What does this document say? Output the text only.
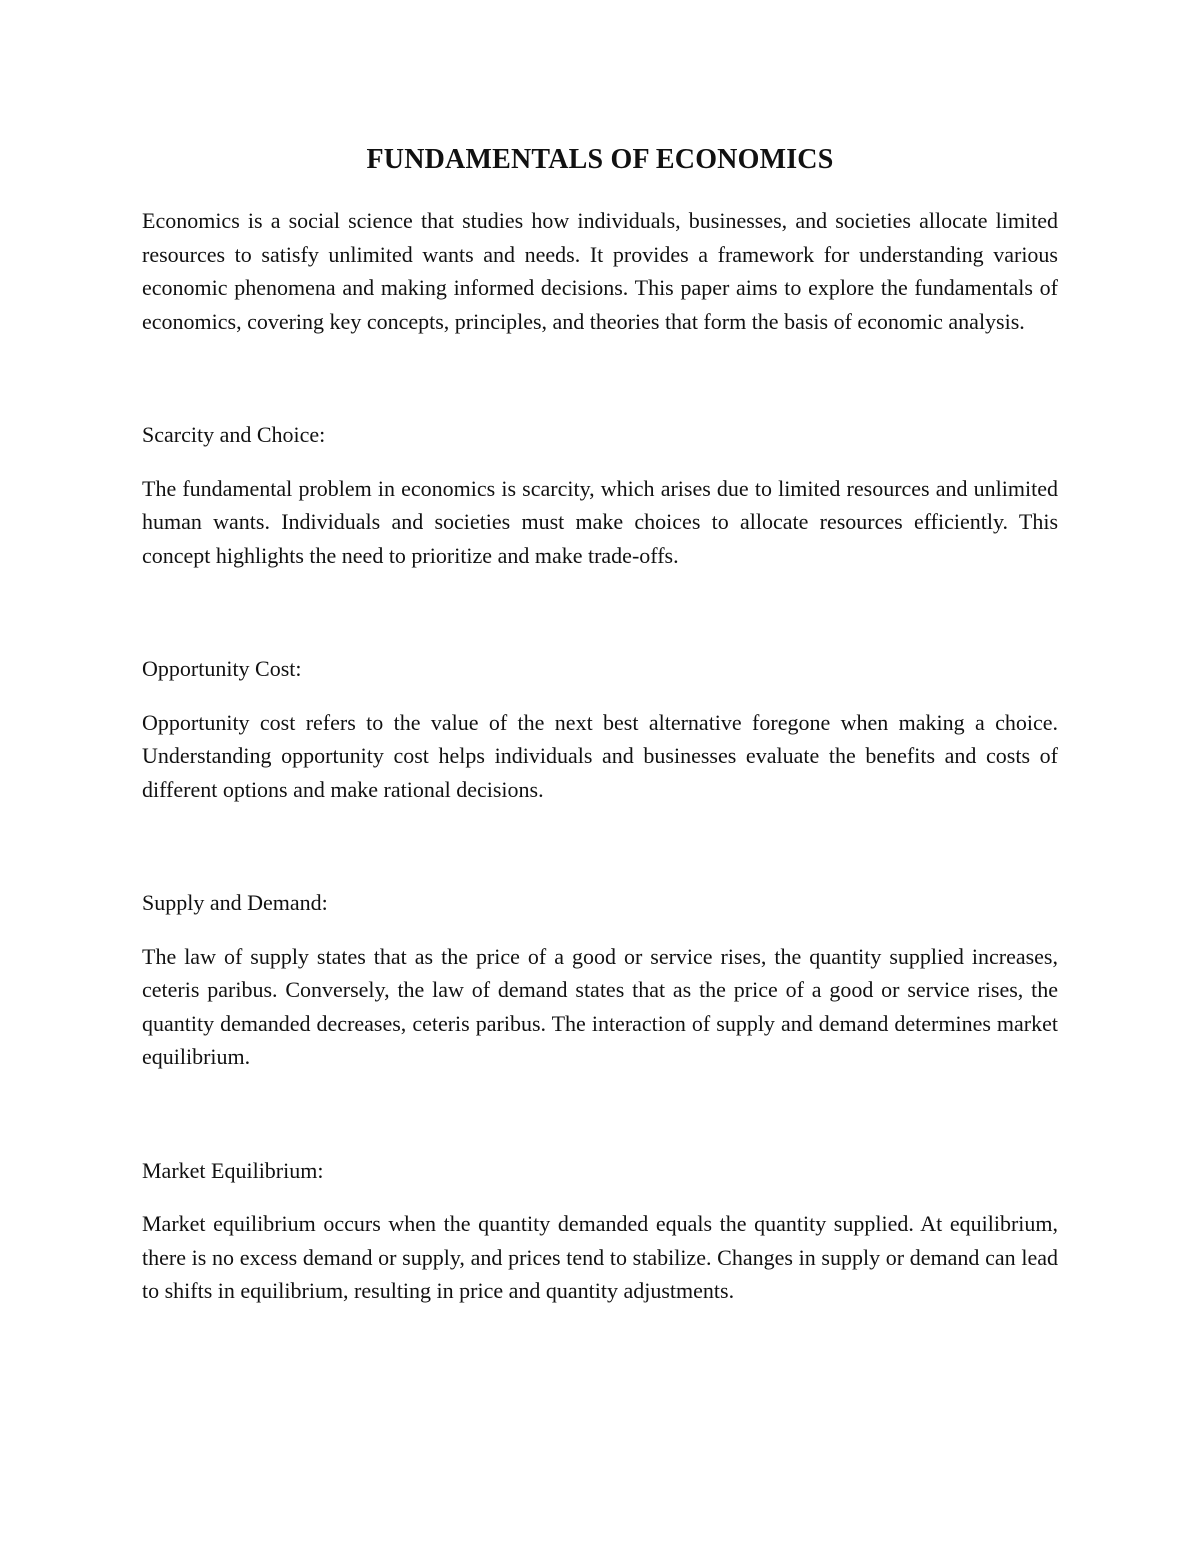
FUNDAMENTALS OF ECONOMICS

Economics is a social science that studies how individuals, businesses, and societies allocate limited resources to satisfy unlimited wants and needs. It provides a framework for understanding various economic phenomena and making informed decisions. This paper aims to explore the fundamentals of economics, covering key concepts, principles, and theories that form the basis of economic analysis.

Scarcity and Choice:

The fundamental problem in economics is scarcity, which arises due to limited resources and unlimited human wants. Individuals and societies must make choices to allocate resources efficiently. This concept highlights the need to prioritize and make trade-offs.

Opportunity Cost:

Opportunity cost refers to the value of the next best alternative foregone when making a choice. Understanding opportunity cost helps individuals and businesses evaluate the benefits and costs of different options and make rational decisions.

Supply and Demand:

The law of supply states that as the price of a good or service rises, the quantity supplied increases, ceteris paribus. Conversely, the law of demand states that as the price of a good or service rises, the quantity demanded decreases, ceteris paribus. The interaction of supply and demand determines market equilibrium.

Market Equilibrium:

Market equilibrium occurs when the quantity demanded equals the quantity supplied. At equilibrium, there is no excess demand or supply, and prices tend to stabilize. Changes in supply or demand can lead to shifts in equilibrium, resulting in price and quantity adjustments.
